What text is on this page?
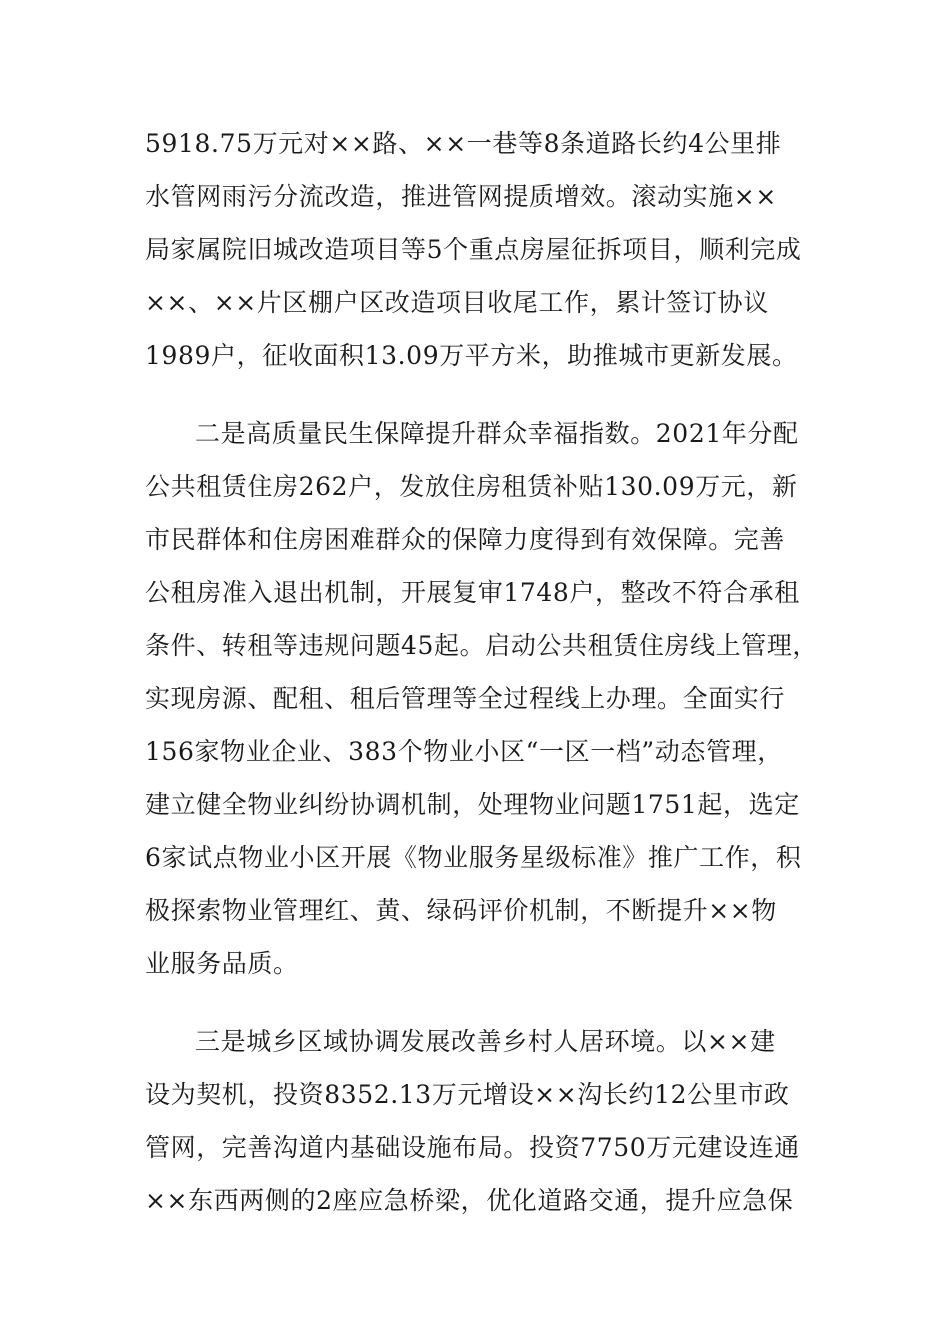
5918.75万元对××路、××一巷等8条道路长约4公里排
水管网雨污分流改造，推进管网提质增效。滚动实施××
局家属院旧城改造项目等5个重点房屋征拆项目，顺利完成
××、××片区棚户区改造项目收尾工作，累计签订协议
1989户，征收面积13.09万平方米，助推城市更新发展。
二是高质量民生保障提升群众幸福指数。2021年分配
公共租赁住房262户，发放住房租赁补贴130.09万元，新
市民群体和住房困难群众的保障力度得到有效保障。完善
公租房准入退出机制，开展复审1748户，整改不符合承租
条件、转租等违规问题45起。启动公共租赁住房线上管理，
实现房源、配租、租后管理等全过程线上办理。全面实行
156家物业企业、383个物业小区“一区一档”动态管理，
建立健全物业纠纷协调机制，处理物业问题1751起，选定
6家试点物业小区开展《物业服务星级标准》推广工作，积
极探索物业管理红、黄、绿码评价机制，不断提升××物
业服务品质。
三是城乡区域协调发展改善乡村人居环境。以××建
设为契机，投资8352.13万元增设××沟长约12公里市政
管网，完善沟道内基础设施布局。投资7750万元建设连通
××东西两侧的2座应急桥梁，优化道路交通，提升应急保
